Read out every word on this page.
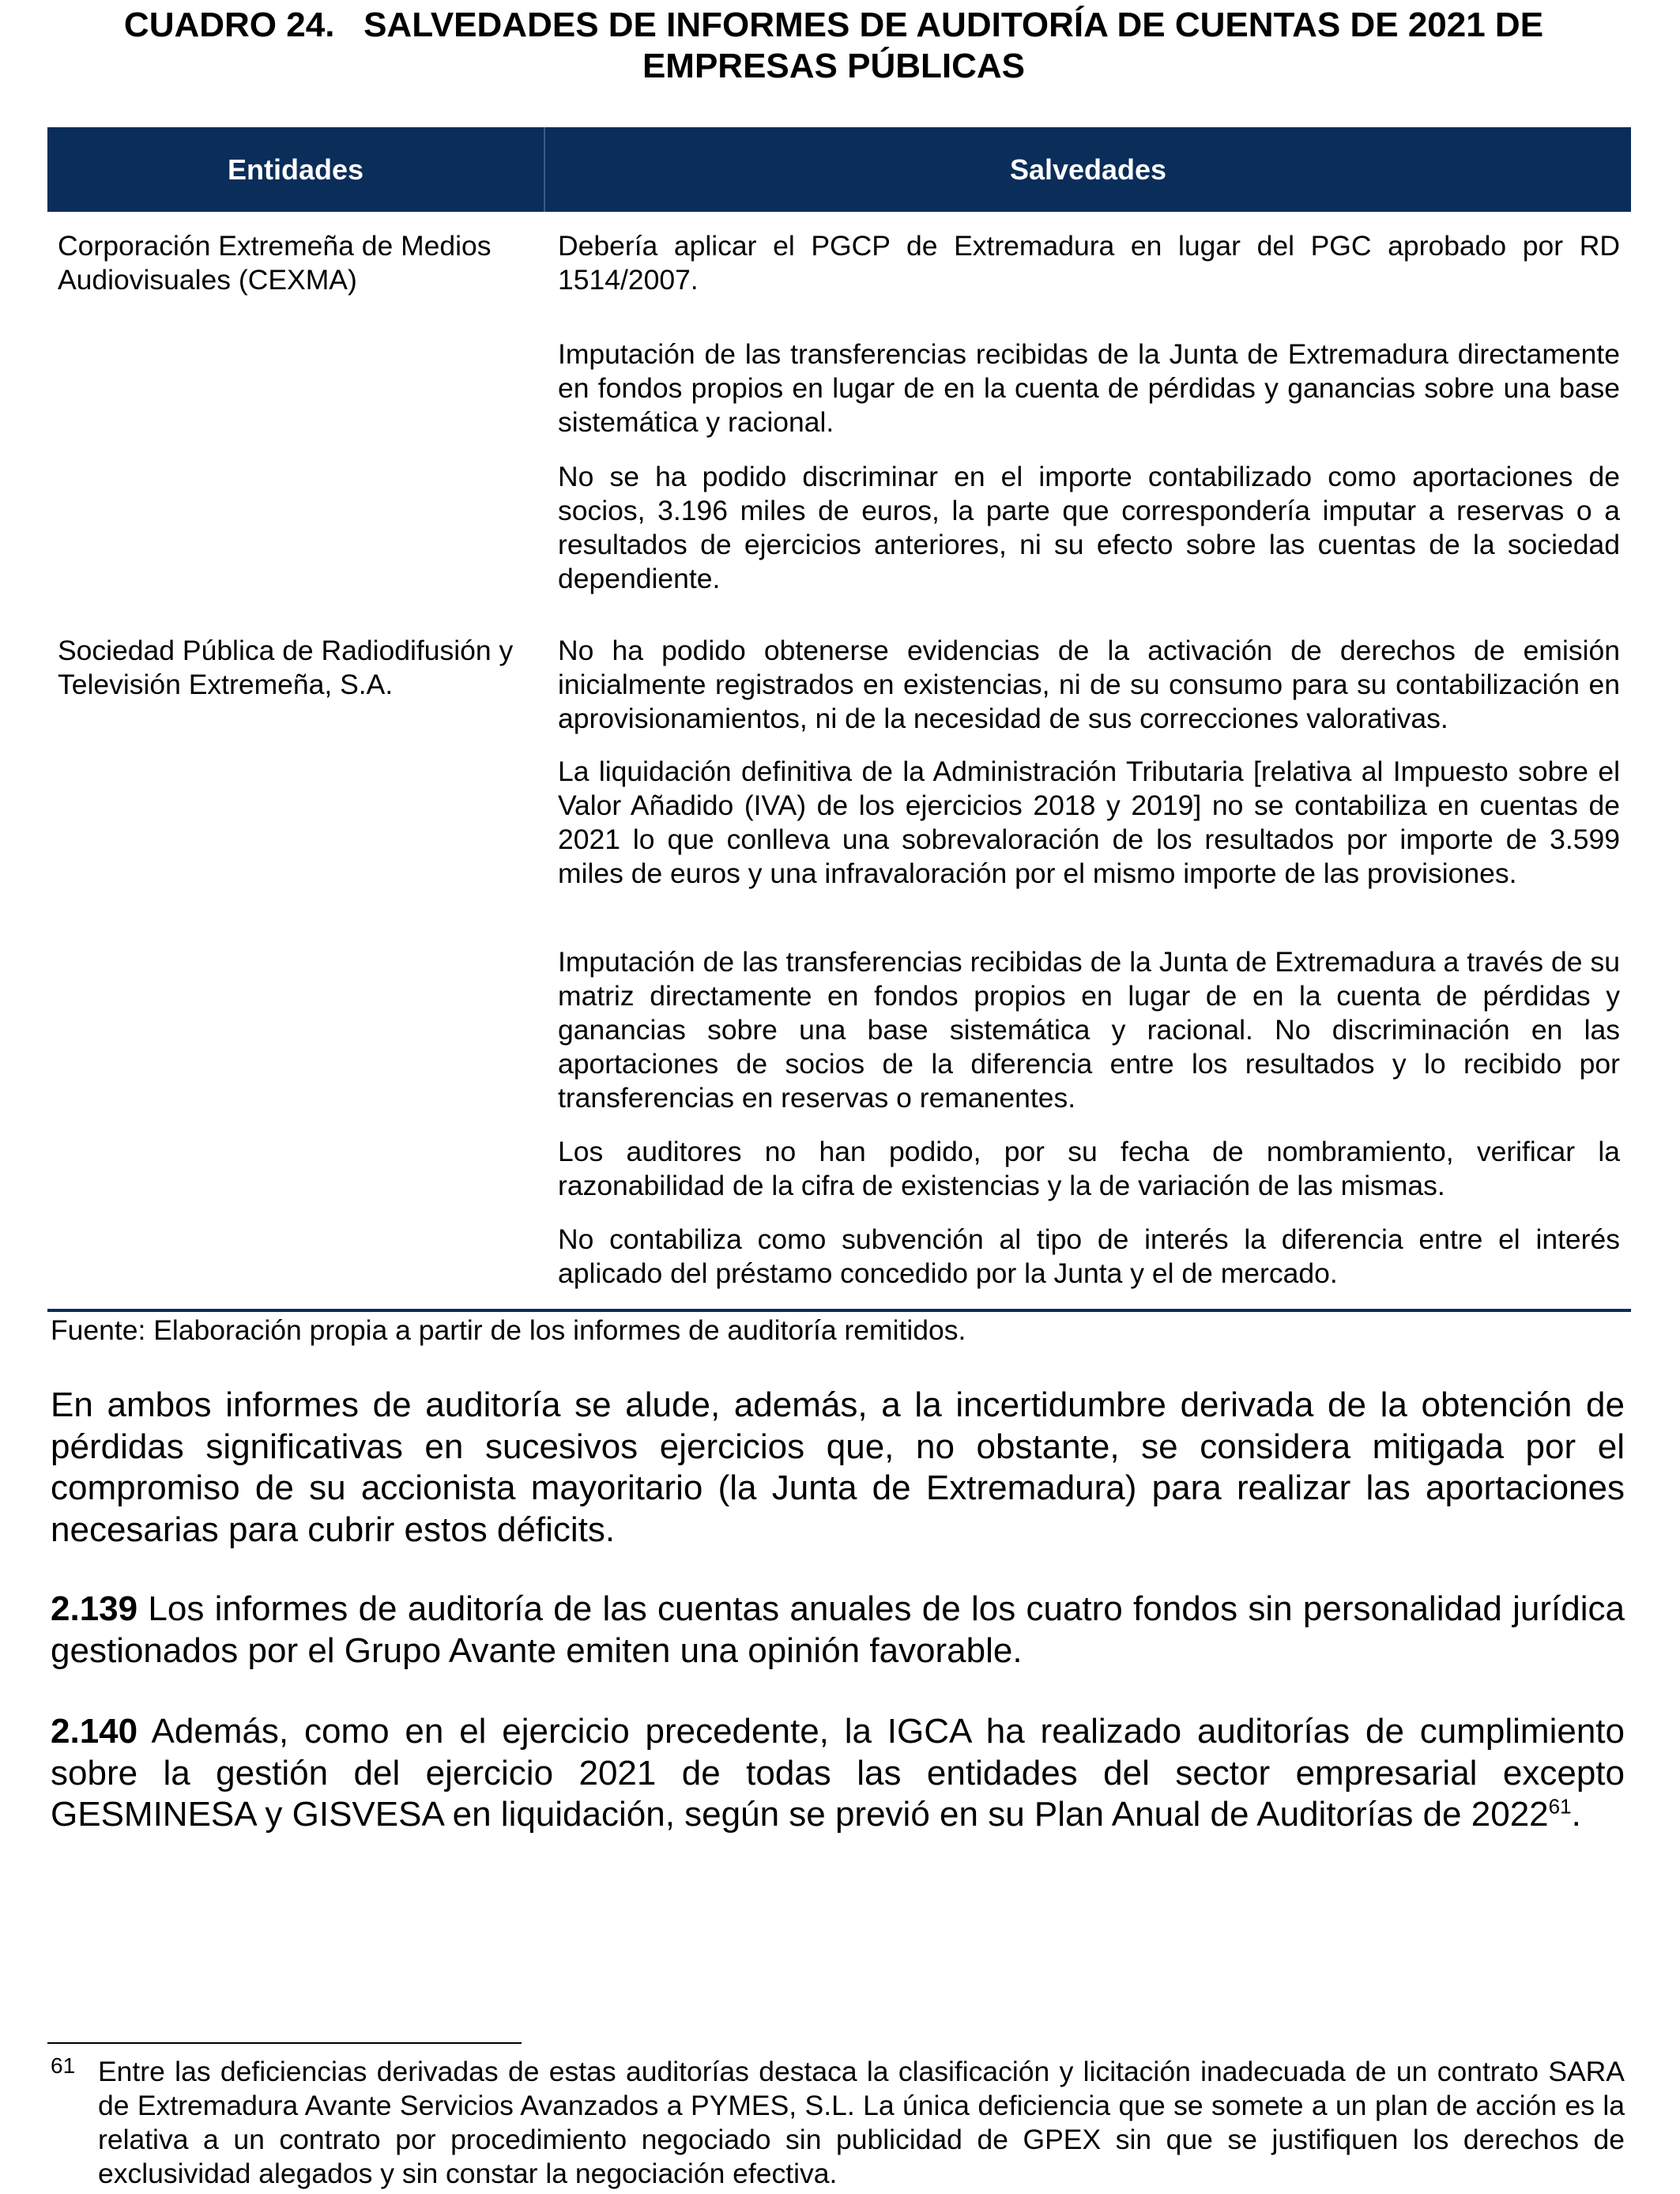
CUADRO 24.   SALVEDADES DE INFORMES DE AUDITORÍA DE CUENTAS DE 2021 DE
EMPRESAS PÚBLICAS
Entidades	Salvedades
Corporación Extremeña de Medios Audiovisuales (CEXMA)

Debería aplicar el PGCP de Extremadura en lugar del PGC aprobado por RD 1514/2007.

Imputación de las transferencias recibidas de la Junta de Extremadura directamente en fondos propios en lugar de en la cuenta de pérdidas y ganancias sobre una base sistemática y racional.

No se ha podido discriminar en el importe contabilizado como aportaciones de socios, 3.196 miles de euros, la parte que correspondería imputar a reservas o a resultados de ejercicios anteriores, ni su efecto sobre las cuentas de la sociedad dependiente.

Sociedad Pública de Radiodifusión y Televisión Extremeña, S.A.

No ha podido obtenerse evidencias de la activación de derechos de emisión inicialmente registrados en existencias, ni de su consumo para su contabilización en aprovisionamientos, ni de la necesidad de sus correcciones valorativas.

La liquidación definitiva de la Administración Tributaria [relativa al Impuesto sobre el Valor Añadido (IVA) de los ejercicios 2018 y 2019] no se contabiliza en cuentas de 2021 lo que conlleva una sobrevaloración de los resultados por importe de 3.599 miles de euros y una infravaloración por el mismo importe de las provisiones.

Imputación de las transferencias recibidas de la Junta de Extremadura a través de su matriz directamente en fondos propios en lugar de en la cuenta de pérdidas y ganancias sobre una base sistemática y racional. No discriminación en las aportaciones de socios de la diferencia entre los resultados y lo recibido por transferencias en reservas o remanentes.

Los auditores no han podido, por su fecha de nombramiento, verificar la razonabilidad de la cifra de existencias y la de variación de las mismas.

No contabiliza como subvención al tipo de interés la diferencia entre el interés aplicado del préstamo concedido por la Junta y el de mercado.

Fuente: Elaboración propia a partir de los informes de auditoría remitidos.

En ambos informes de auditoría se alude, además, a la incertidumbre derivada de la obtención de pérdidas significativas en sucesivos ejercicios que, no obstante, se considera mitigada por el compromiso de su accionista mayoritario (la Junta de Extremadura) para realizar las aportaciones necesarias para cubrir estos déficits.

2.139 Los informes de auditoría de las cuentas anuales de los cuatro fondos sin personalidad jurídica gestionados por el Grupo Avante emiten una opinión favorable.

2.140 Además, como en el ejercicio precedente, la IGCA ha realizado auditorías de cumplimiento sobre la gestión del ejercicio 2021 de todas las entidades del sector empresarial excepto GESMINESA y GISVESA en liquidación, según se previó en su Plan Anual de Auditorías de 2022$^{61}$.

61 Entre las deficiencias derivadas de estas auditorías destaca la clasificación y licitación inadecuada de un contrato SARA de Extremadura Avante Servicios Avanzados a PYMES, S.L. La única deficiencia que se somete a un plan de acción es la relativa a un contrato por procedimiento negociado sin publicidad de GPEX sin que se justifiquen los derechos de exclusividad alegados y sin constar la negociación efectiva.
